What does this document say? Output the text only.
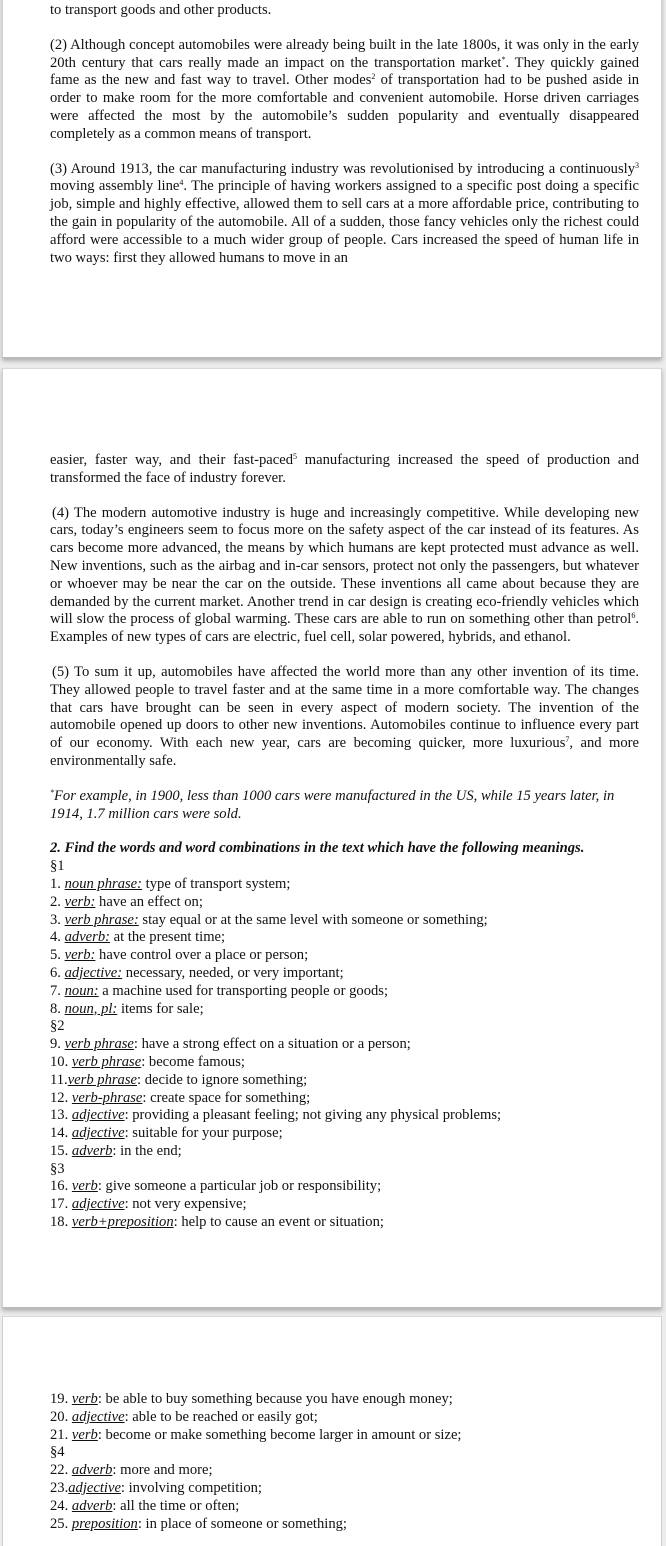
to transport goods and other products.

(2) Although concept automobiles were already being built in the late 1800s, it was only in the early 20th century that cars really made an impact on the transportation market*. They quickly gained fame as the new and fast way to travel. Other modes$^2$ of transportation had to be pushed aside in order to make room for the more comfortable and convenient automobile. Horse driven carriages were affected the most by the automobile’s sudden popularity and eventually disappeared completely as a common means of transport.

(3) Around 1913, the car manufacturing industry was revolutionised by introducing a continuously$^3$ moving assembly line$^4$. The principle of having workers assigned to a specific post doing a specific job, simple and highly effective, allowed them to sell cars at a more affordable price, contributing to the gain in popularity of the automobile. All of a sudden, those fancy vehicles only the richest could afford were accessible to a much wider group of people. Cars increased the speed of human life in two ways: first they allowed humans to move in an

easier, faster way, and their fast-paced$^5$ manufacturing increased the speed of production and transformed the face of industry forever.

(4) The modern automotive industry is huge and increasingly competitive. While developing new cars, today’s engineers seem to focus more on the safety aspect of the car instead of its features. As cars become more advanced, the means by which humans are kept protected must advance as well. New inventions, such as the airbag and in-car sensors, protect not only the passengers, but whatever or whoever may be near the car on the outside. These inventions all came about because they are demanded by the current market. Another trend in car design is creating eco-friendly vehicles which will slow the process of global warming. These cars are able to run on something other than petrol$^6$. Examples of new types of cars are electric, fuel cell, solar powered, hybrids, and ethanol.

(5) To sum it up, automobiles have affected the world more than any other invention of its time. They allowed people to travel faster and at the same time in a more comfortable way. The changes that cars have brought can be seen in every aspect of modern society. The invention of the automobile opened up doors to other new inventions. Automobiles continue to influence every part of our economy. With each new year, cars are becoming quicker, more luxurious$^7$, and more environmentally safe.

*For example, in 1900, less than 1000 cars were manufactured in the US, while 15 years later, in 1914, 1.7 million cars were sold.

2. Find the words and word combinations in the text which have the following meanings.

§1

1. noun phrase: type of transport system;

2. verb: have an effect on;

3. verb phrase: stay equal or at the same level with someone or something;

4. adverb: at the present time;

5. verb: have control over a place or person;

6. adjective: necessary, needed, or very important;

7. noun: a machine used for transporting people or goods;

8. noun, pl: items for sale;

§2

9. verb phrase: have a strong effect on a situation or a person;

10. verb phrase: become famous;

11.verb phrase: decide to ignore something;

12. verb-phrase: create space for something;

13. adjective: providing a pleasant feeling; not giving any physical problems;

14. adjective: suitable for your purpose;

15. adverb: in the end;

§3

16. verb: give someone a particular job or responsibility;

17. adjective: not very expensive;

18. verb+preposition: help to cause an event or situation;

19. verb: be able to buy something because you have enough money;

20. adjective: able to be reached or easily got;

21. verb: become or make something become larger in amount or size;

§4

22. adverb: more and more;

23.adjective: involving competition;

24. adverb: all the time or often;

25. preposition: in place of someone or something;
